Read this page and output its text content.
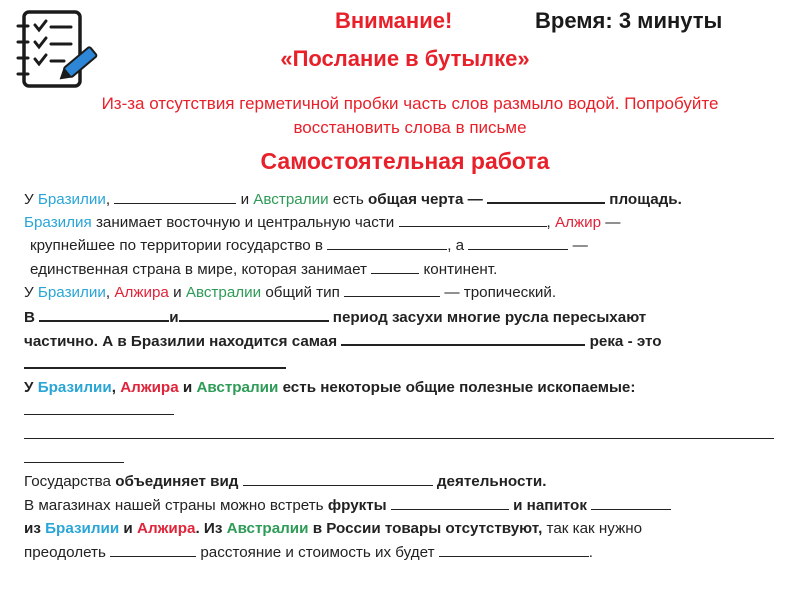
Внимание!	Время: 3 минуты
«Послание в бутылке»
Из-за отсутствия герметичной пробки часть слов размыло водой. Попробуйте
восстановить слова в письме
Самостоятельная работа
У Бразилии,	и Австралии есть общая черта —	площадь.
Бразилия занимает восточную и центральную части	, Алжир —
крупнейшее по территории государство в	, а	—
единственная страна в мире, которая занимает	континент.
У Бразилии, Алжира и Австралии общий тип	— тропический.
В	и	период засухи многие русла пересыхают
частично. А в Бразилии находится самая	река - это
У Бразилии, Алжира и Австралии есть некоторые общие полезные ископаемые:
Государства объединяет вид	деятельности.
В магазинах нашей страны можно встреть фрукты	и напиток
из Бразилии и Алжира. Из Австралии в России товары отсутствуют, так как нужно
преодолеть	расстояние и стоимость их будет	.
